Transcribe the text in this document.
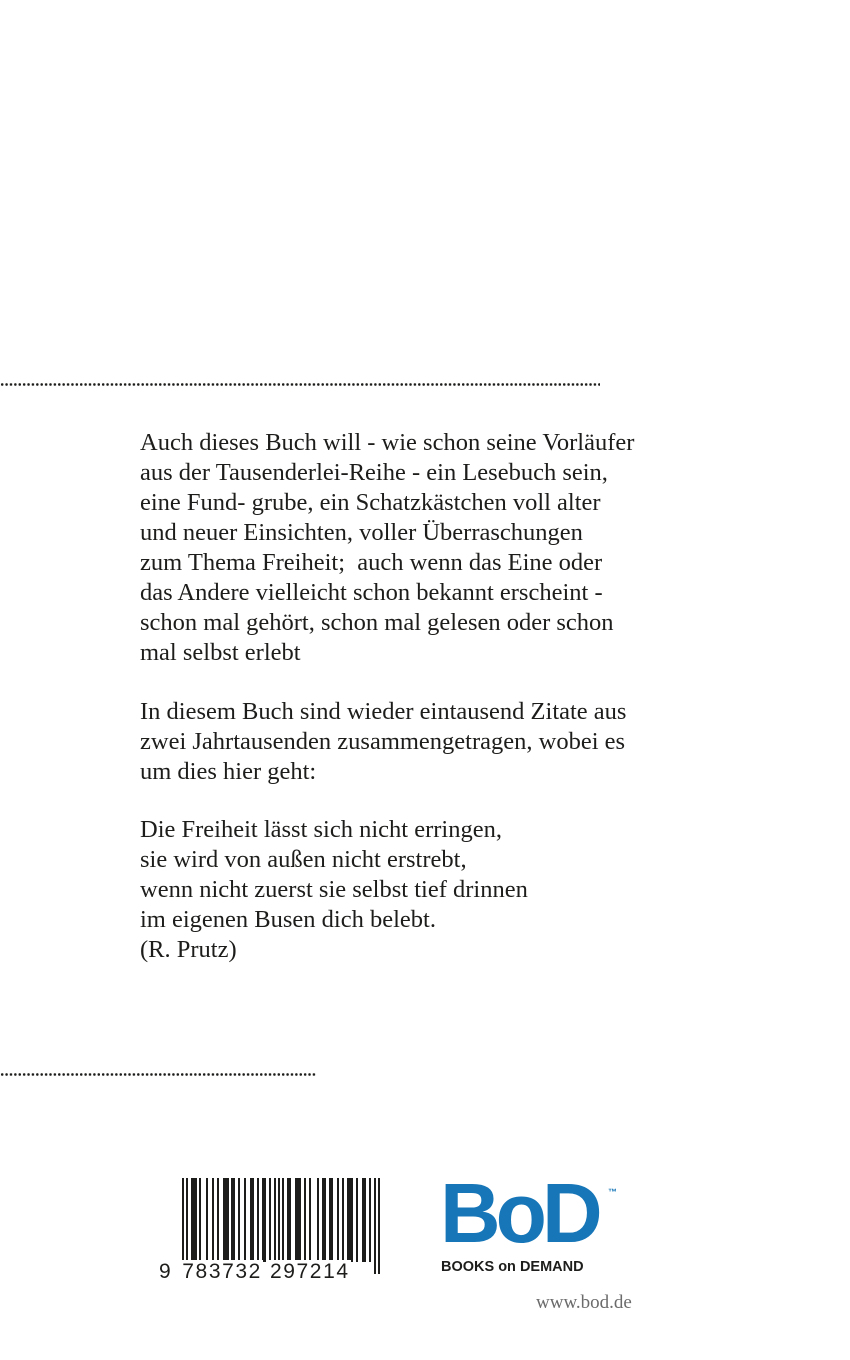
Auch dieses Buch will - wie schon seine Vorläufer
aus der Tausenderlei-Reihe - ein Lesebuch sein,
eine Fund- grube, ein Schatzkästchen voll alter
und neuer Einsichten, voller Überraschungen
zum Thema Freiheit;  auch wenn das Eine oder
das Andere vielleicht schon bekannt erscheint -
schon mal gehört, schon mal gelesen oder schon
mal selbst erlebt
In diesem Buch sind wieder eintausend Zitate aus
zwei Jahrtausenden zusammengetragen, wobei es
um dies hier geht:
Die Freiheit lässt sich nicht erringen,
sie wird von außen nicht erstrebt,
wenn nicht zuerst sie selbst tief drinnen
im eigenen Busen dich belebt.
(R. Prutz)
9 783732 297214
BoD ™
BOOKS on DEMAND
www.bod.de
